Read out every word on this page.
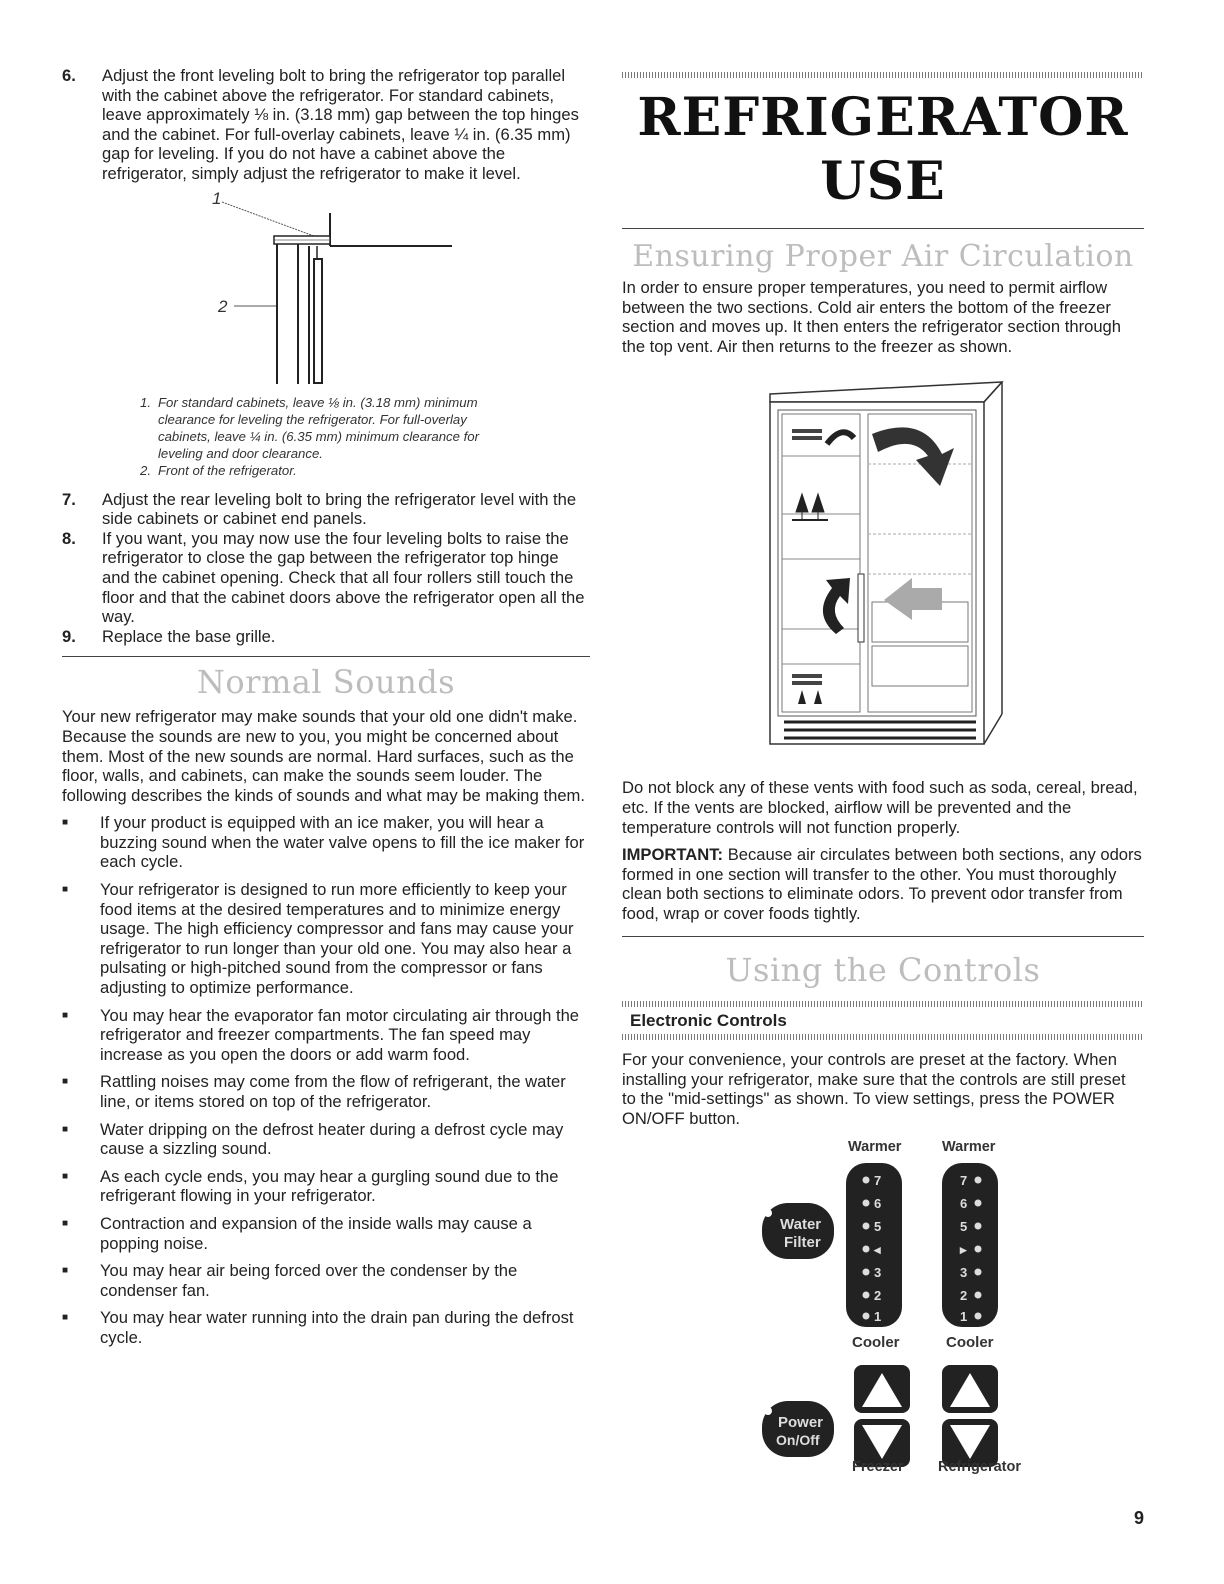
6.	Adjust the front leveling bolt to bring the refrigerator top parallel with the cabinet above the refrigerator. For standard cabinets, leave approximately ⅛ in. (3.18 mm) gap between the top hinges and the cabinet. For full-overlay cabinets, leave ¼ in. (6.35 mm) gap for leveling. If you do not have a cabinet above the refrigerator, simply adjust the refrigerator to make it level.
1
2
1. For standard cabinets, leave ⅛ in. (3.18 mm) minimum clearance for leveling the refrigerator. For full-overlay cabinets, leave ¼ in. (6.35 mm) minimum clearance for leveling and door clearance.
2. Front of the refrigerator.
7.	Adjust the rear leveling bolt to bring the refrigerator level with the side cabinets or cabinet end panels.
8.	If you want, you may now use the four leveling bolts to raise the refrigerator to close the gap between the refrigerator top hinge and the cabinet opening. Check that all four rollers still touch the floor and that the cabinet doors above the refrigerator open all the way.
9.	Replace the base grille.
Normal Sounds
Your new refrigerator may make sounds that your old one didn't make. Because the sounds are new to you, you might be concerned about them. Most of the new sounds are normal. Hard surfaces, such as the floor, walls, and cabinets, can make the sounds seem louder. The following describes the kinds of sounds and what may be making them.
■	If your product is equipped with an ice maker, you will hear a buzzing sound when the water valve opens to fill the ice maker for each cycle.
■	Your refrigerator is designed to run more efficiently to keep your food items at the desired temperatures and to minimize energy usage. The high efficiency compressor and fans may cause your refrigerator to run longer than your old one. You may also hear a pulsating or high-pitched sound from the compressor or fans adjusting to optimize performance.
■	You may hear the evaporator fan motor circulating air through the refrigerator and freezer compartments. The fan speed may increase as you open the doors or add warm food.
■	Rattling noises may come from the flow of refrigerant, the water line, or items stored on top of the refrigerator.
■	Water dripping on the defrost heater during a defrost cycle may cause a sizzling sound.
■	As each cycle ends, you may hear a gurgling sound due to the refrigerant flowing in your refrigerator.
■	Contraction and expansion of the inside walls may cause a popping noise.
■	You may hear air being forced over the condenser by the condenser fan.
■	You may hear water running into the drain pan during the defrost cycle.
REFRIGERATOR USE
Ensuring Proper Air Circulation
In order to ensure proper temperatures, you need to permit airflow between the two sections. Cold air enters the bottom of the freezer section and moves up. It then enters the refrigerator section through the top vent. Air then returns to the freezer as shown.
Do not block any of these vents with food such as soda, cereal, bread, etc. If the vents are blocked, airflow will be prevented and the temperature controls will not function properly.
IMPORTANT: Because air circulates between both sections, any odors formed in one section will transfer to the other. You must thoroughly clean both sections to eliminate odors. To prevent odor transfer from food, wrap or cover foods tightly.
Using the Controls
Electronic Controls
For your convenience, your controls are preset at the factory. When installing your refrigerator, make sure that the controls are still preset to the "mid-settings" as shown. To view settings, press the POWER ON/OFF button.
Warmer	Warmer
7
6
5
◂
3
2
1
7
6
5
▸
3
2
1
Water
Filter
Cooler	Cooler
Power
On/Off
Freezer Refrigerator
9
